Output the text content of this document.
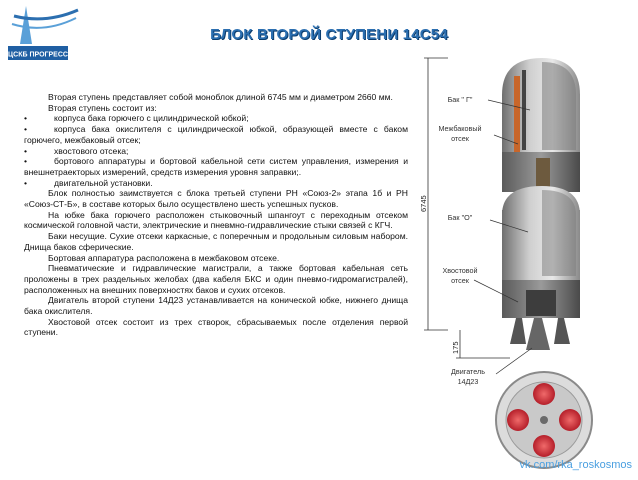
ЦСКБ ПРОГРЕСС
БЛОК ВТОРОЙ СТУПЕНИ 14С54

Вторая ступень представляет собой моноблок длиной 6745 мм и диаметром 2660 мм.

Вторая ступень состоит из:

•	корпуса бака горючего с цилиндрической юбкой;

•	корпуса бака окислителя с цилиндрической юбкой, образующей вместе с баком горючего, межбаковый отсек;

•	хвостового отсека;

•	бортового аппаратуры и бортовой кабельной сети систем управления, измерения и внешнетраекторых измерений, средств измерения уровня заправки;.

•	двигательной установки.

Блок полностью заимствуется с блока третьей ступени РН «Союз-2» этапа 1б и РН «Союз-СТ-Б», в составе которых было осуществлено шесть успешных пусков.

На юбке бака горючего расположен стыковочный шпангоут с переходным отсеком космической головной части, электрические и пневмно-гидравлические стыки связей с КГЧ.

Баки несущие. Сухие отсеки каркасные, с поперечным и продольным силовым набором. Днища баков сферические.

Бортовая аппаратура расположена в межбаковом отсеке.

Пневматические и гидравлические магистрали, а также бортовая кабельная сеть проложены в трех раздельных желобах (два кабеля БКС и один пневмо-гидромагистралей), расположенных на внешних поверхностях баков и сухих отсеков.

Двигатель второй ступени 14Д23 устанавливается на конической юбке, нижнего днища бака окислителя.

Хвостовой отсек состоит из трех створок, сбрасываемых после отделения первой ступени.

6745
175
Бак " Г"
Межбаковый
отсек
Бак "О"
Хвостовой
отсек
Двигатель
14Д23
vk.com/rka_roskosmos
